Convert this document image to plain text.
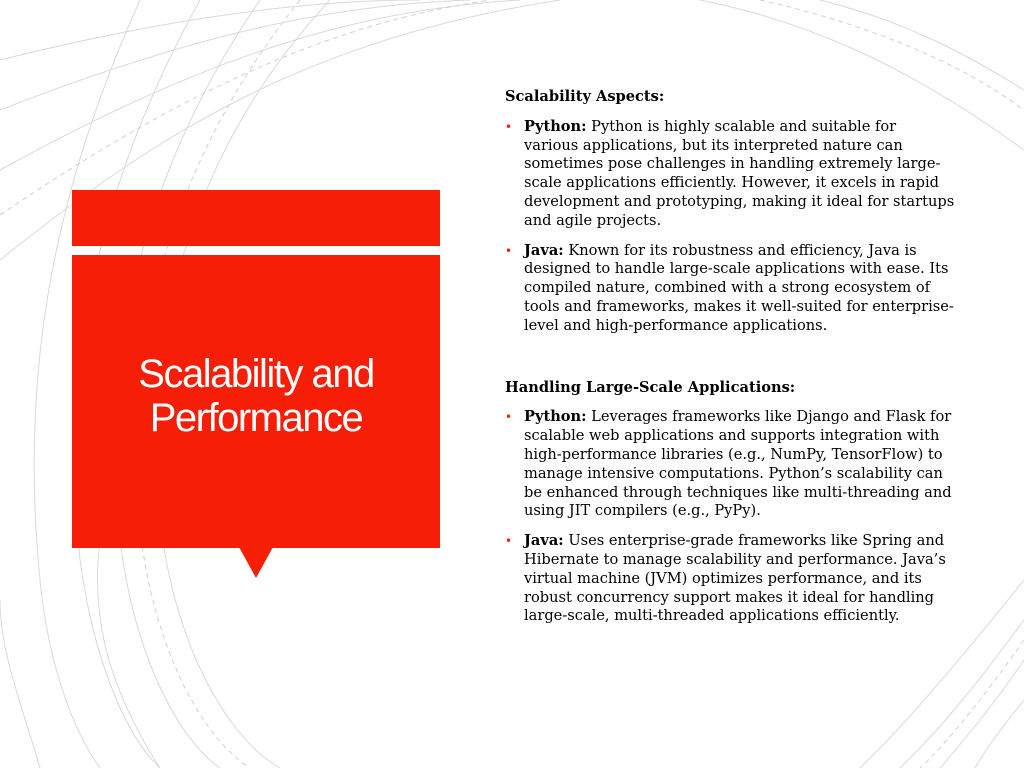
Scalability and
Performance
Scalability Aspects:
• Python: Python is highly scalable and suitable for various applications, but its interpreted nature can sometimes pose challenges in handling extremely large-scale applications efficiently. However, it excels in rapid development and prototyping, making it ideal for startups and agile projects.
• Java: Known for its robustness and efficiency, Java is designed to handle large-scale applications with ease. Its compiled nature, combined with a strong ecosystem of tools and frameworks, makes it well-suited for enterprise-level and high-performance applications.
Handling Large-Scale Applications:
• Python: Leverages frameworks like Django and Flask for scalable web applications and supports integration with high-performance libraries (e.g., NumPy, TensorFlow) to manage intensive computations. Python’s scalability can be enhanced through techniques like multi-threading and using JIT compilers (e.g., PyPy).
• Java: Uses enterprise-grade frameworks like Spring and Hibernate to manage scalability and performance. Java’s virtual machine (JVM) optimizes performance, and its robust concurrency support makes it ideal for handling large-scale, multi-threaded applications efficiently.
